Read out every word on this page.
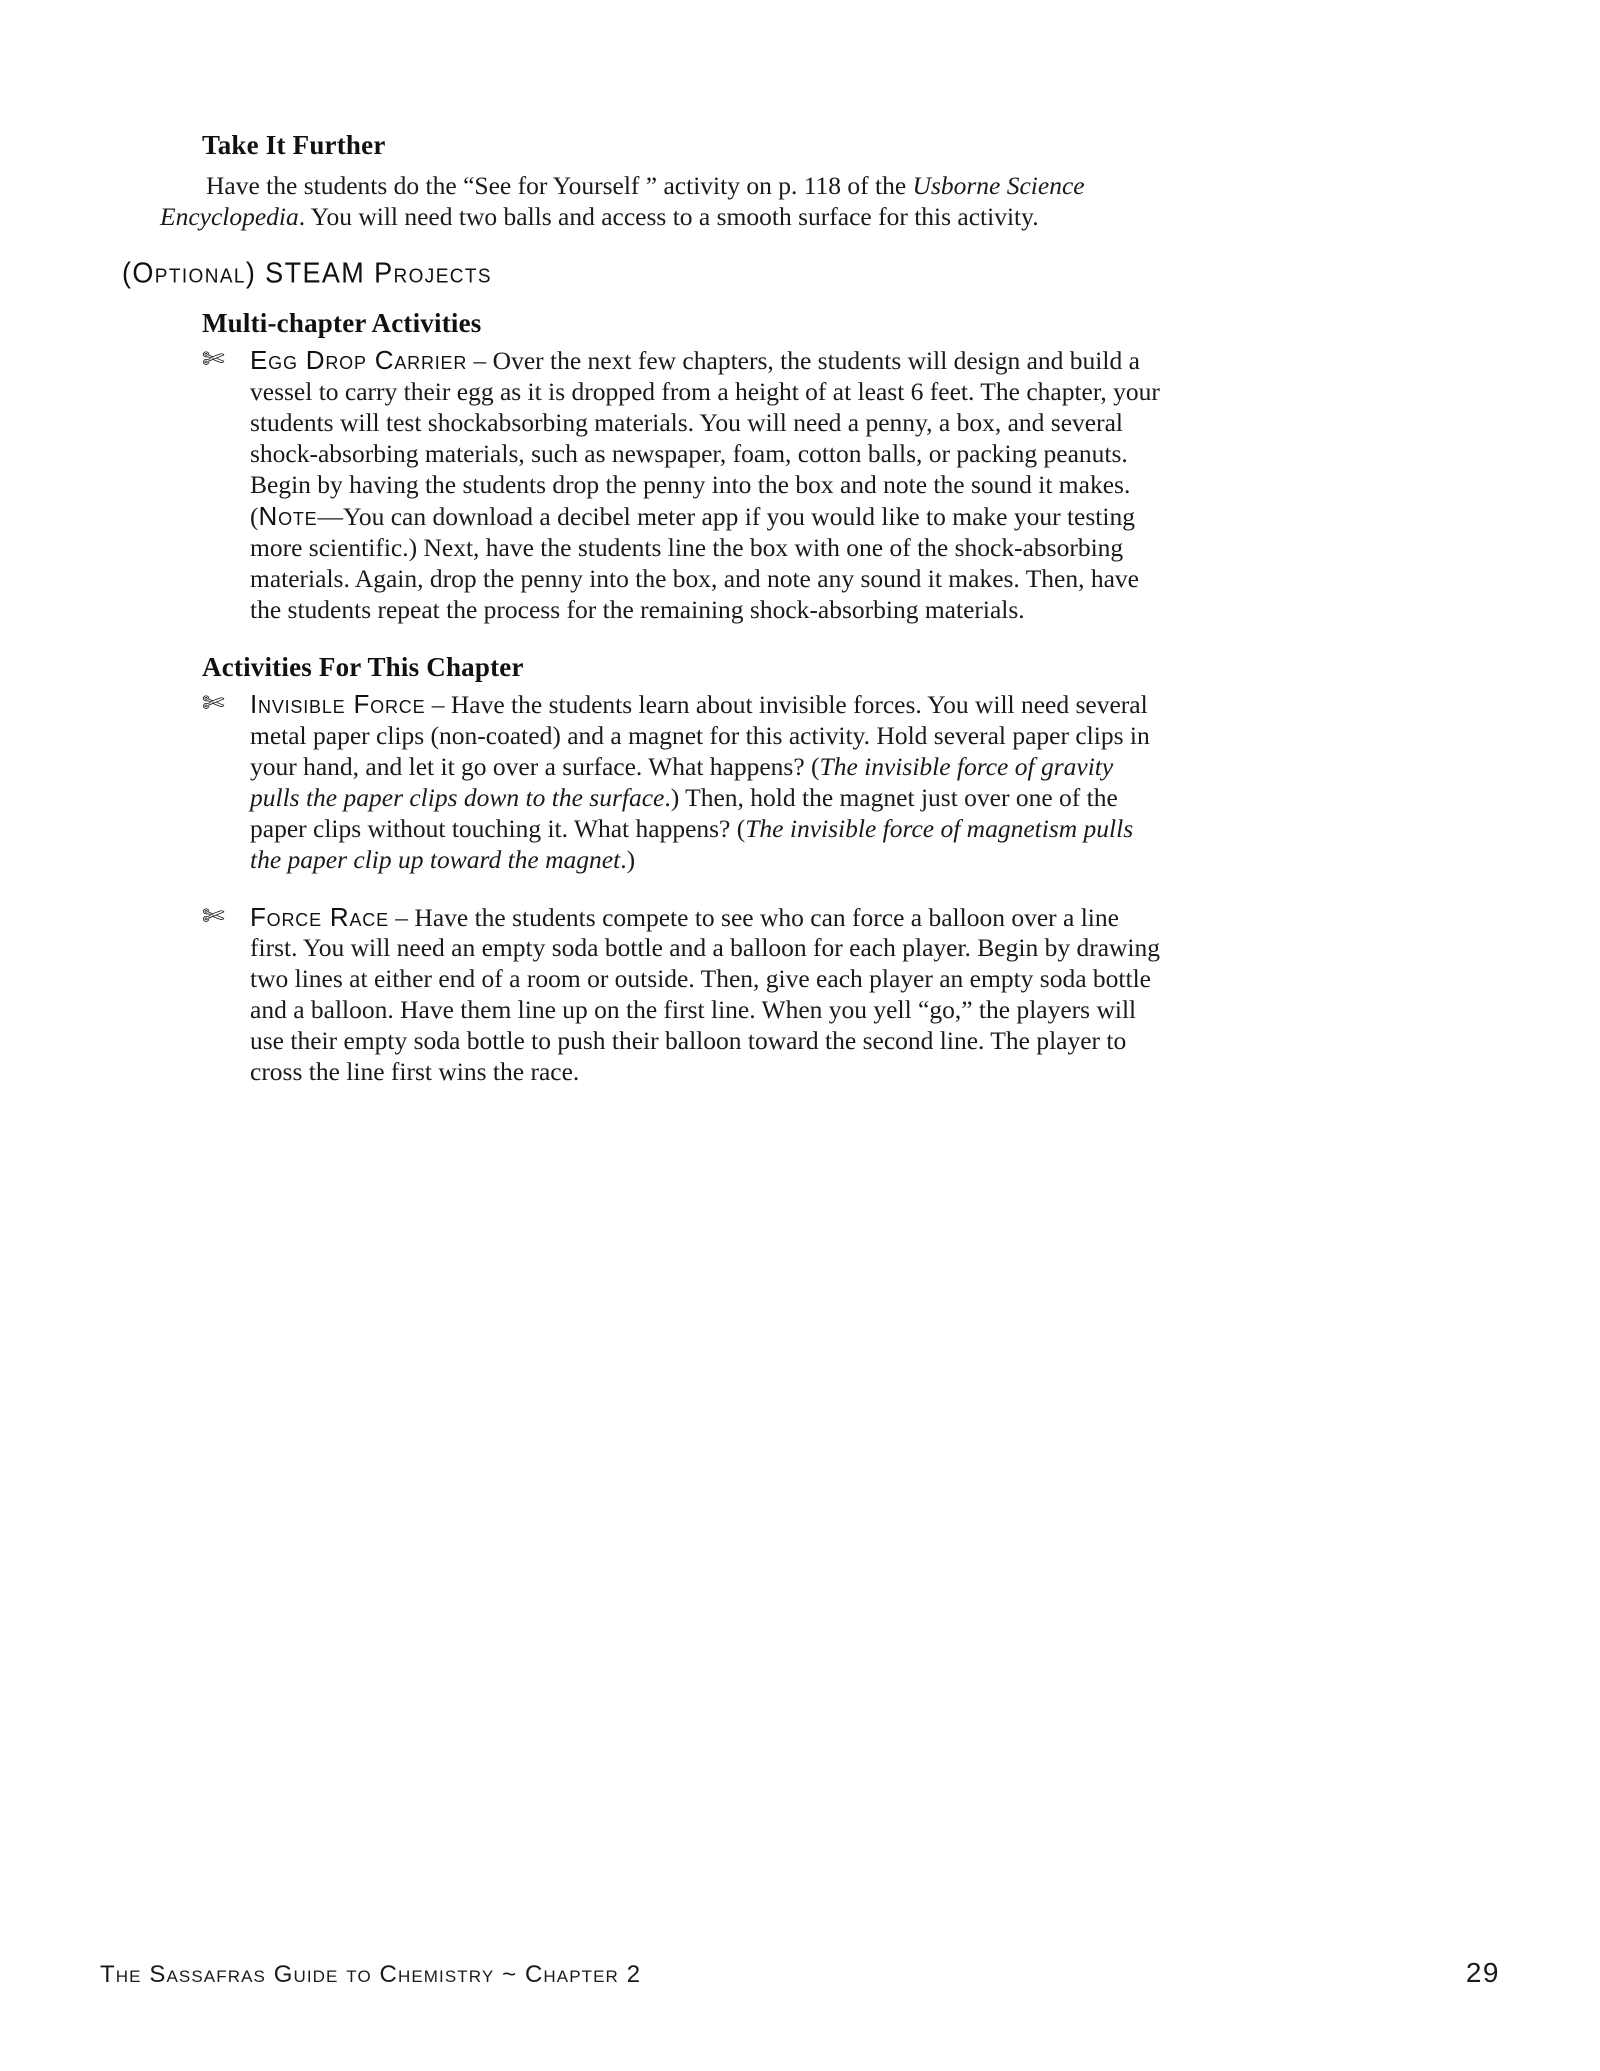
Take It Further

Have the students do the “See for Yourself ” activity on p. 118 of the Usborne Science Encyclopedia. You will need two balls and access to a smooth surface for this activity.

(Optional) STEAM Projects
Multi-chapter Activities
✄ Egg Drop Carrier – Over the next few chapters, the students will design and build a vessel to carry their egg as it is dropped from a height of at least 6 feet. The chapter, your students will test shockabsorbing materials. You will need a penny, a box, and several shock-absorbing materials, such as newspaper, foam, cotton balls, or packing peanuts. Begin by having the students drop the penny into the box and note the sound it makes. (Note—You can download a decibel meter app if you would like to make your testing more scientific.) Next, have the students line the box with one of the shock-absorbing materials. Again, drop the penny into the box, and note any sound it makes. Then, have the students repeat the process for the remaining shock-absorbing materials.
Activities For This Chapter
✄ Invisible Force – Have the students learn about invisible forces. You will need several metal paper clips (non-coated) and a magnet for this activity. Hold several paper clips in your hand, and let it go over a surface. What happens? (The invisible force of gravity pulls the paper clips down to the surface.) Then, hold the magnet just over one of the paper clips without touching it. What happens? (The invisible force of magnetism pulls the paper clip up toward the magnet.)
✄ Force Race – Have the students compete to see who can force a balloon over a line first. You will need an empty soda bottle and a balloon for each player. Begin by drawing two lines at either end of a room or outside. Then, give each player an empty soda bottle and a balloon. Have them line up on the first line. When you yell “go,” the players will use their empty soda bottle to push their balloon toward the second line. The player to cross the line first wins the race.
The Sassafras Guide to Chemistry ~ Chapter 2	29
